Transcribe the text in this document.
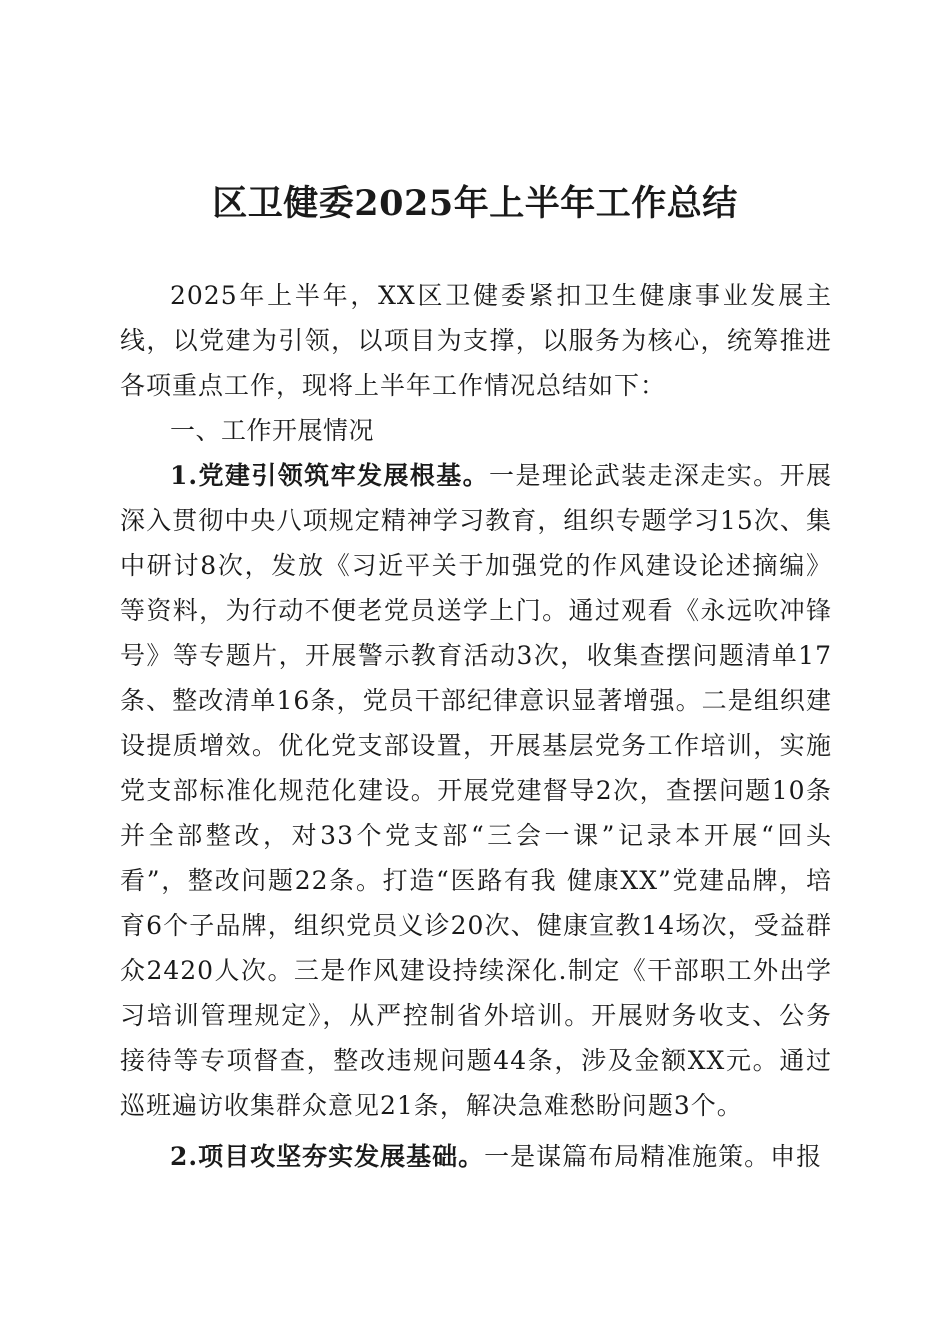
区卫健委2025年上半年工作总结

2025年上半年，XX区卫健委紧扣卫生健康事业发展主线，以党建为引领，以项目为支撑，以服务为核心，统筹推进各项重点工作，现将上半年工作情况总结如下：

一、工作开展情况

1.党建引领筑牢发展根基。一是理论武装走深走实。开展深入贯彻中央八项规定精神学习教育，组织专题学习15次、集中研讨8次，发放《习近平关于加强党的作风建设论述摘编》等资料，为行动不便老党员送学上门。通过观看《永远吹冲锋号》等专题片，开展警示教育活动3次，收集查摆问题清单17条、整改清单16条，党员干部纪律意识显著增强。二是组织建设提质增效。优化党支部设置，开展基层党务工作培训，实施党支部标准化规范化建设。开展党建督导2次，查摆问题10条并全部整改，对33个党支部“三会一课”记录本开展“回头看”，整改问题22条。打造“医路有我 健康XX”党建品牌，培育6个子品牌，组织党员义诊20次、健康宣教14场次，受益群众2420人次。三是作风建设持续深化.制定《干部职工外出学习培训管理规定》，从严控制省外培训。开展财务收支、公务接待等专项督查，整改违规问题44条，涉及金额XX元。通过巡班遍访收集群众意见21条，解决急难愁盼问题3个。

2.项目攻坚夯实发展基础。一是谋篇布局精准施策。申报
